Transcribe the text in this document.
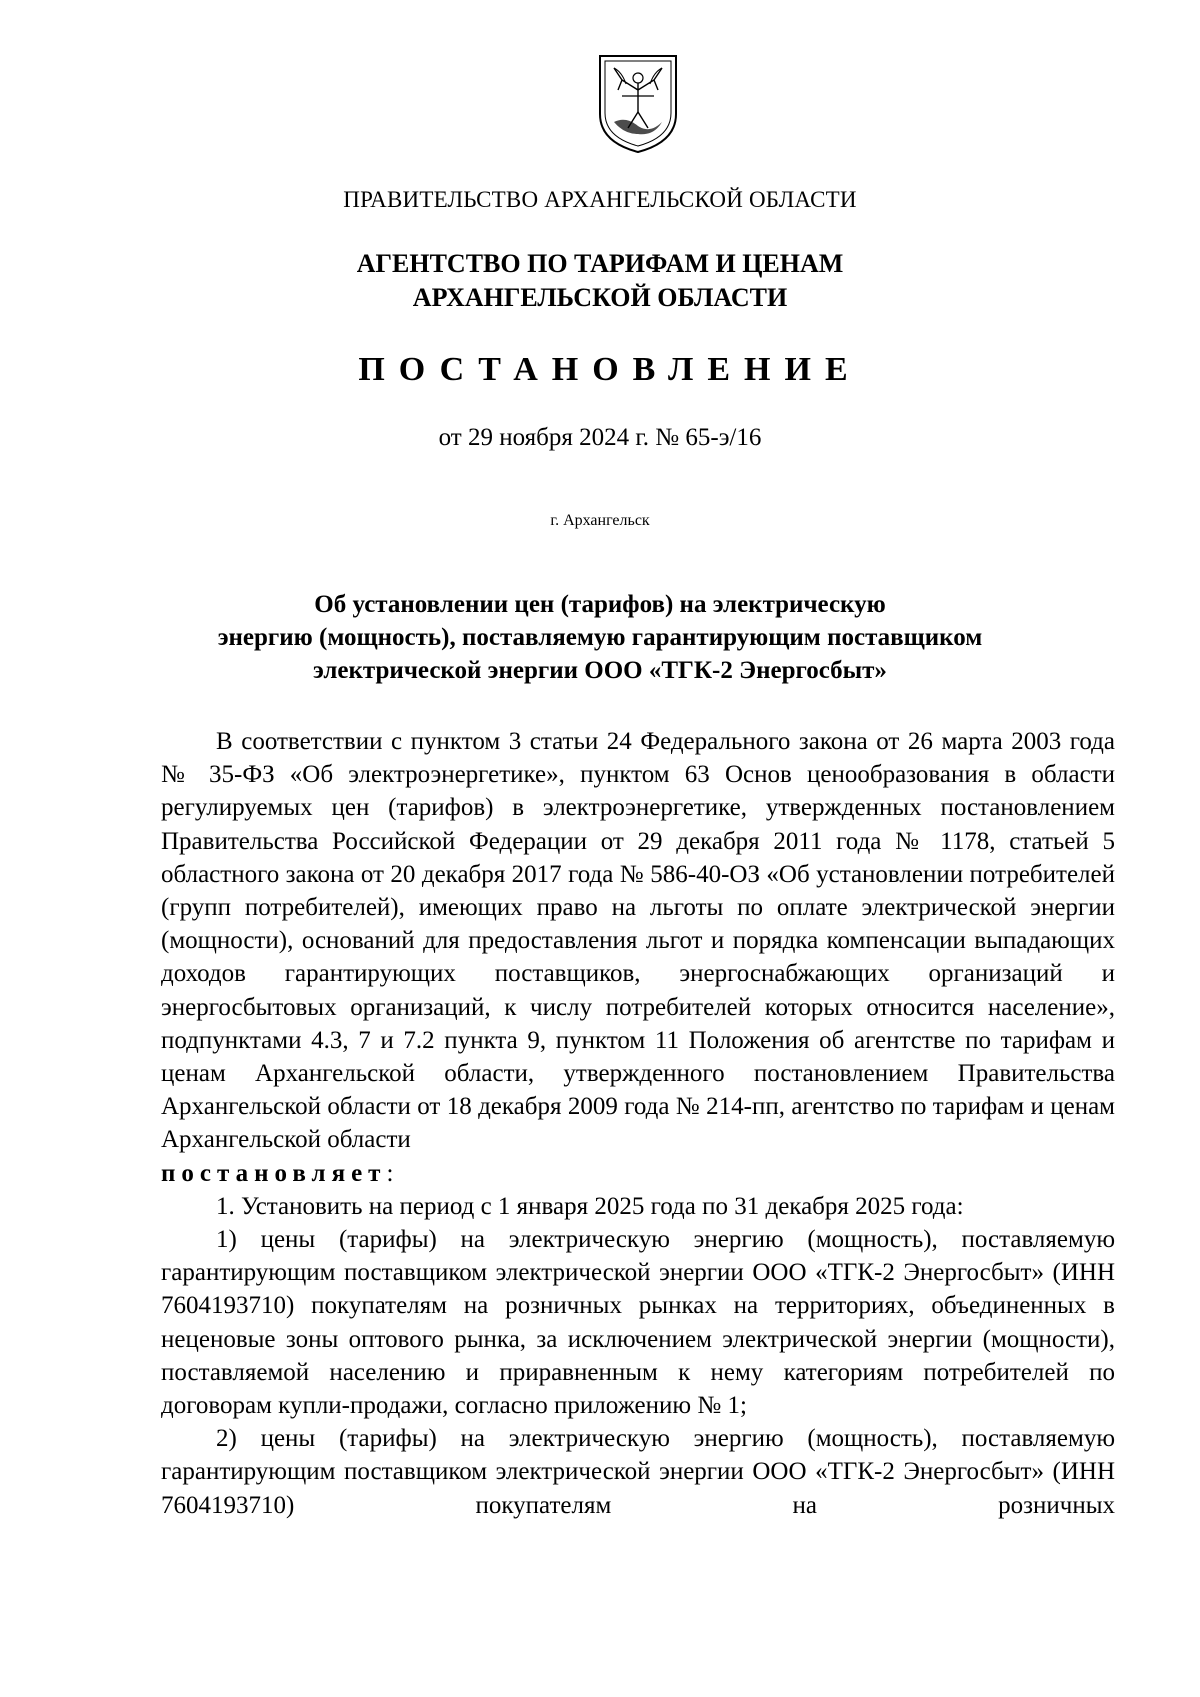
ПРАВИТЕЛЬСТВО АРХАНГЕЛЬСКОЙ ОБЛАСТИ
АГЕНТСТВО ПО ТАРИФАМ И ЦЕНАМ
АРХАНГЕЛЬСКОЙ ОБЛАСТИ
ПОСТАНОВЛЕНИЕ
от 29 ноября 2024 г. № 65-э/16
г. Архангельск
Об установлении цен (тарифов) на электрическую
энергию (мощность), поставляемую гарантирующим поставщиком
электрической энергии ООО «ТГК-2 Энергосбыт»

В соответствии с пунктом 3 статьи 24 Федерального закона от 26 марта 2003 года № 35-ФЗ «Об электроэнергетике», пунктом 63 Основ ценообразования в области регулируемых цен (тарифов) в электроэнергетике, утвержденных постановлением Правительства Российской Федерации от 29 декабря 2011 года № 1178, статьей 5 областного закона от 20 декабря 2017 года № 586-40-ОЗ «Об установлении потребителей (групп потребителей), имеющих право на льготы по оплате электрической энергии (мощности), оснований для предоставления льгот и порядка компенсации выпадающих доходов гарантирующих поставщиков, энергоснабжающих организаций и энергосбытовых организаций, к числу потребителей которых относится население», подпунктами 4.3, 7 и 7.2 пункта 9, пунктом 11 Положения об агентстве по тарифам и ценам Архангельской области, утвержденного постановлением Правительства Архангельской области от 18 декабря 2009 года № 214-пп, агентство по тарифам и ценам Архангельской области

постановляет:

1. Установить на период с 1 января 2025 года по 31 декабря 2025 года:

1) цены (тарифы) на электрическую энергию (мощность), поставляемую гарантирующим поставщиком электрической энергии ООО «ТГК-2 Энергосбыт» (ИНН 7604193710) покупателям на розничных рынках на территориях, объединенных в неценовые зоны оптового рынка, за исключением электрической энергии (мощности), поставляемой населению и приравненным к нему категориям потребителей по договорам купли-продажи, согласно приложению № 1;

2) цены (тарифы) на электрическую энергию (мощность), поставляемую гарантирующим поставщиком электрической энергии ООО «ТГК-2 Энергосбыт» (ИНН 7604193710) покупателям на розничных
